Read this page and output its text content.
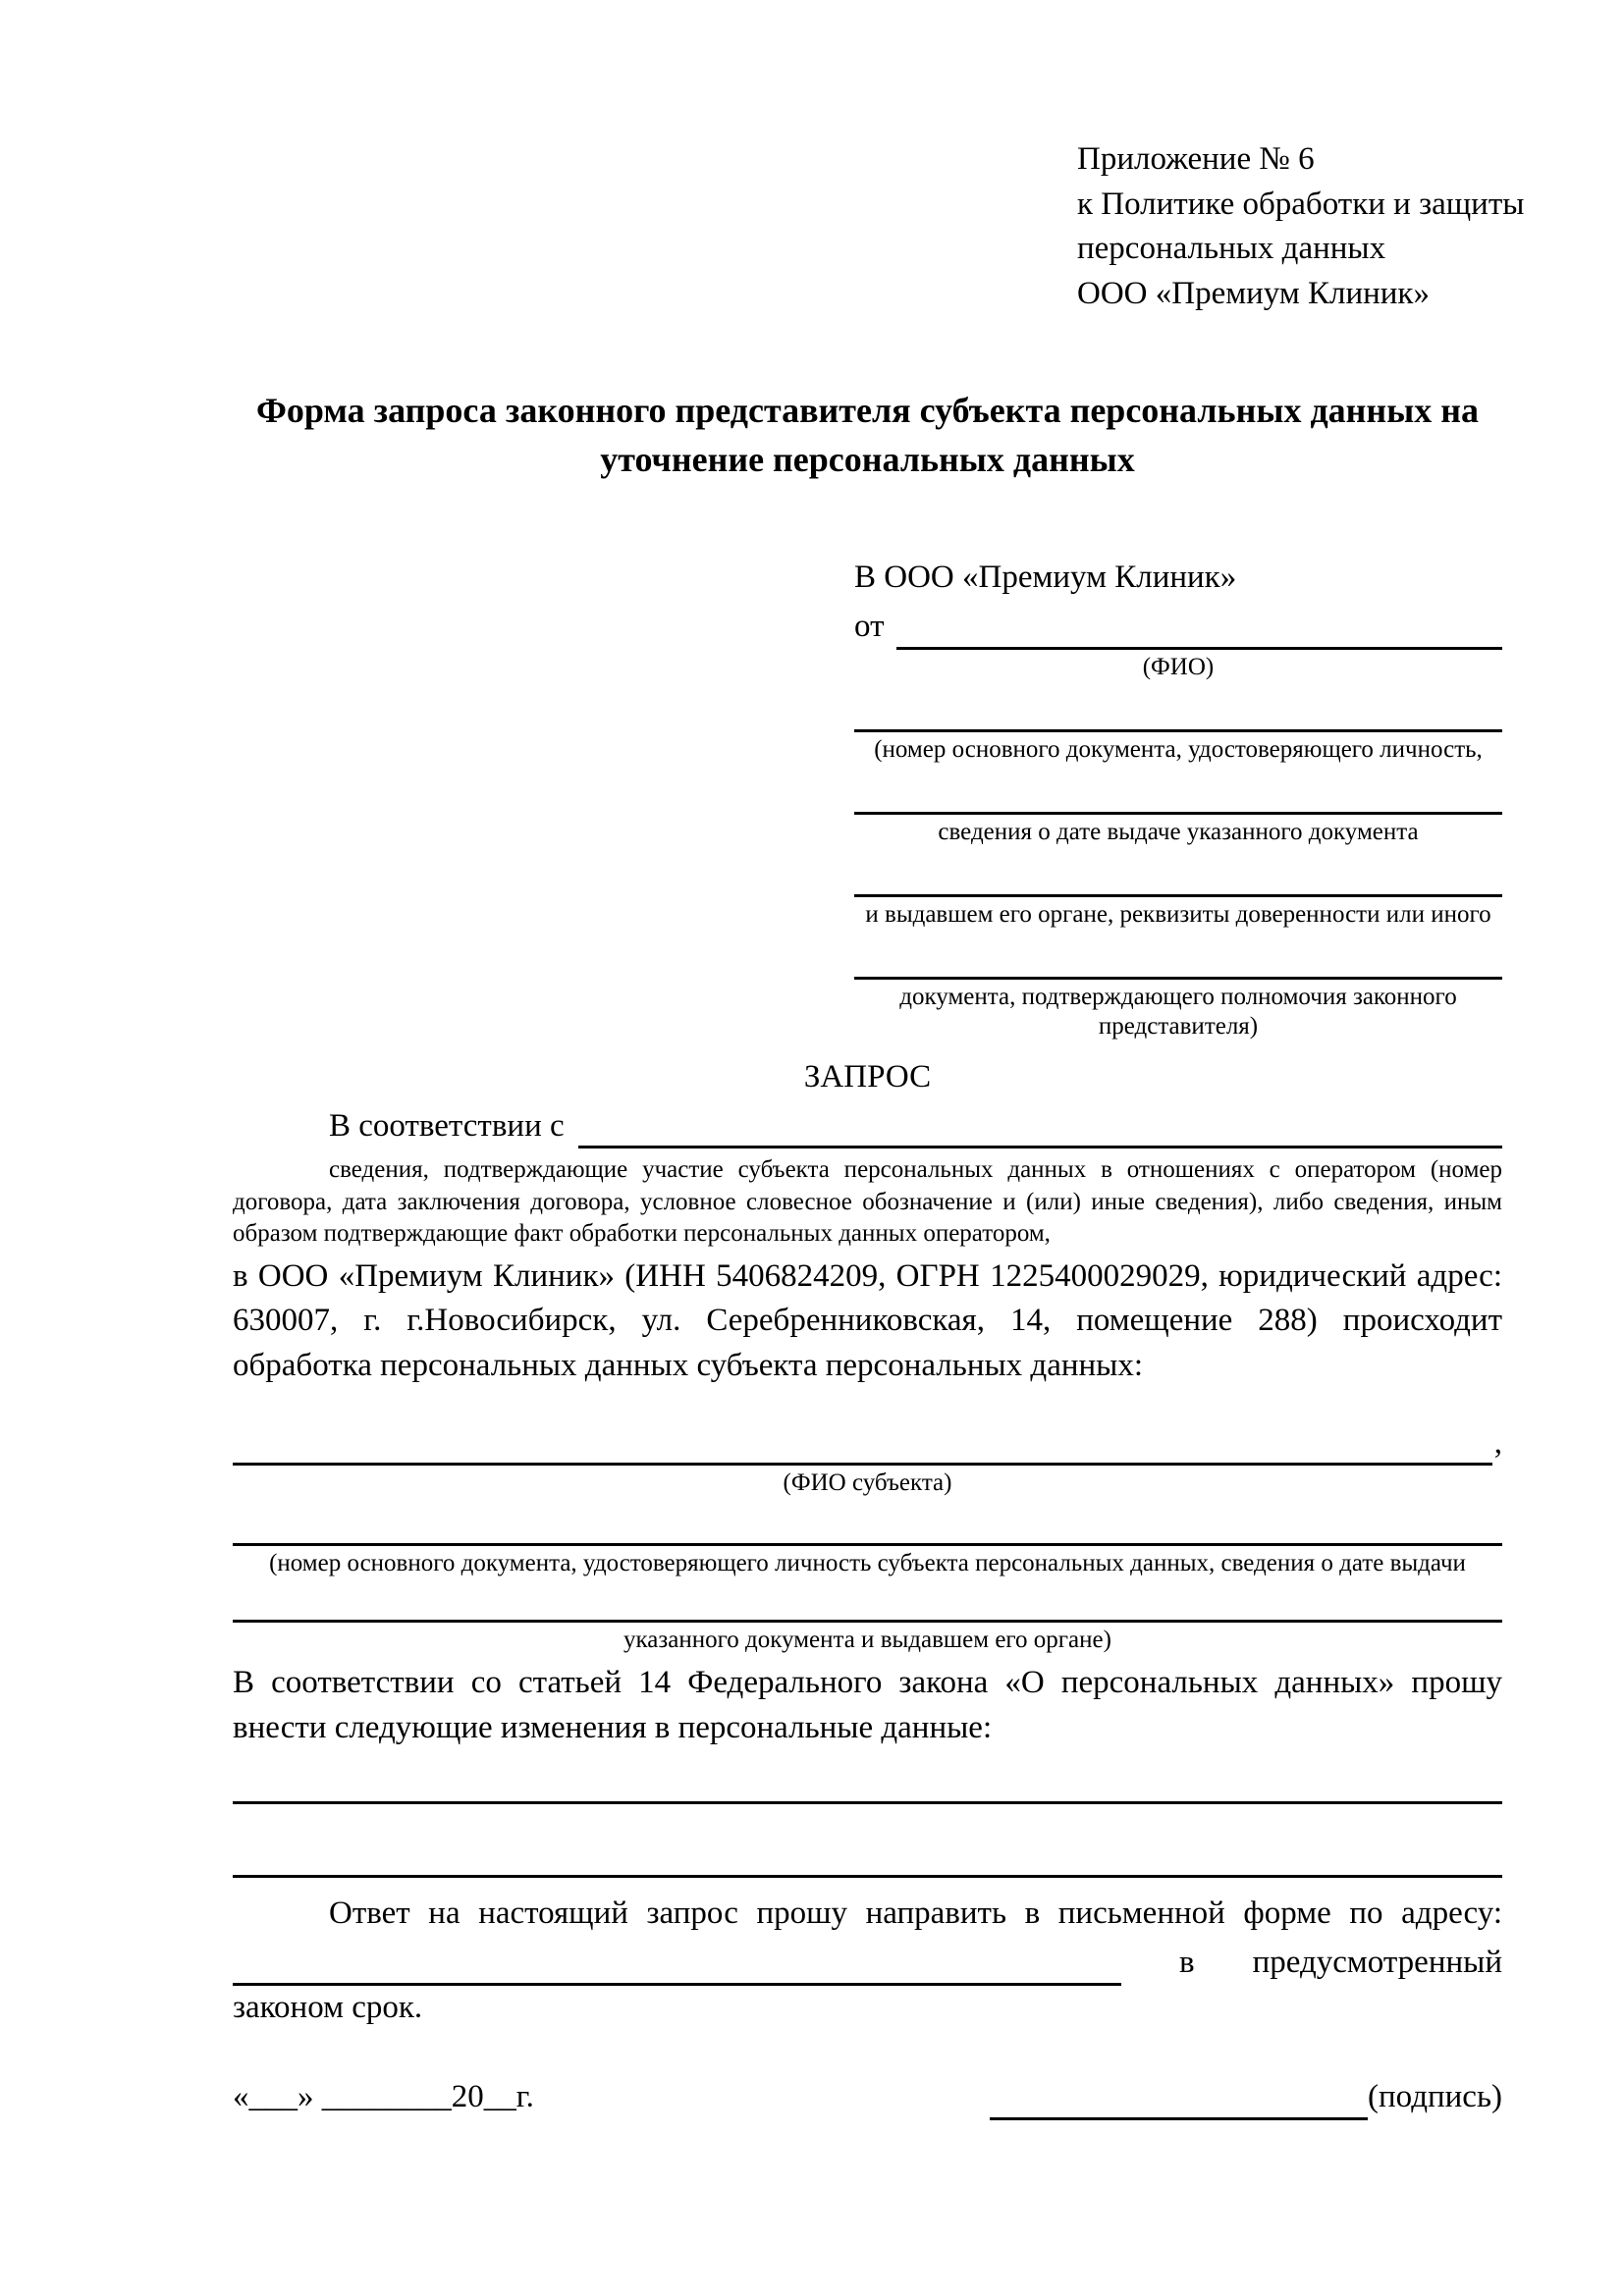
Приложение № 6
к Политике обработки и защиты
персональных данных
ООО «Премиум Клиник»
Форма запроса законного представителя субъекта персональных данных на уточнение персональных данных
В ООО «Премиум Клиник»
от
(ФИО)
(номер основного документа, удостоверяющего личность,
сведения о дате выдаче указанного документа
и выдавшем его органе, реквизиты доверенности или иного
документа, подтверждающего полномочия законного представителя)
ЗАПРОС
В соответствии с
сведения, подтверждающие участие субъекта персональных данных в отношениях с оператором (номер договора, дата заключения договора, условное словесное обозначение и (или) иные сведения), либо сведения, иным образом подтверждающие факт обработки персональных данных оператором,
в ООО «Премиум Клиник» (ИНН 5406824209, ОГРН 1225400029029, юридический адрес: 630007, г. г.Новосибирск, ул. Серебренниковская, 14, помещение 288) происходит обработка персональных данных субъекта персональных данных:
,
(ФИО субъекта)
(номер основного документа, удостоверяющего личность субъекта персональных данных, сведения о дате выдачи
указанного документа и выдавшем его органе)
В соответствии со статьей 14 Федерального закона «О персональных данных» прошу внести следующие изменения в персональные данные:
Ответ на настоящий запрос прошу направить в письменной форме по адресу:
в предусмотренный
законом срок.
«___» ________20__г.	(подпись)
